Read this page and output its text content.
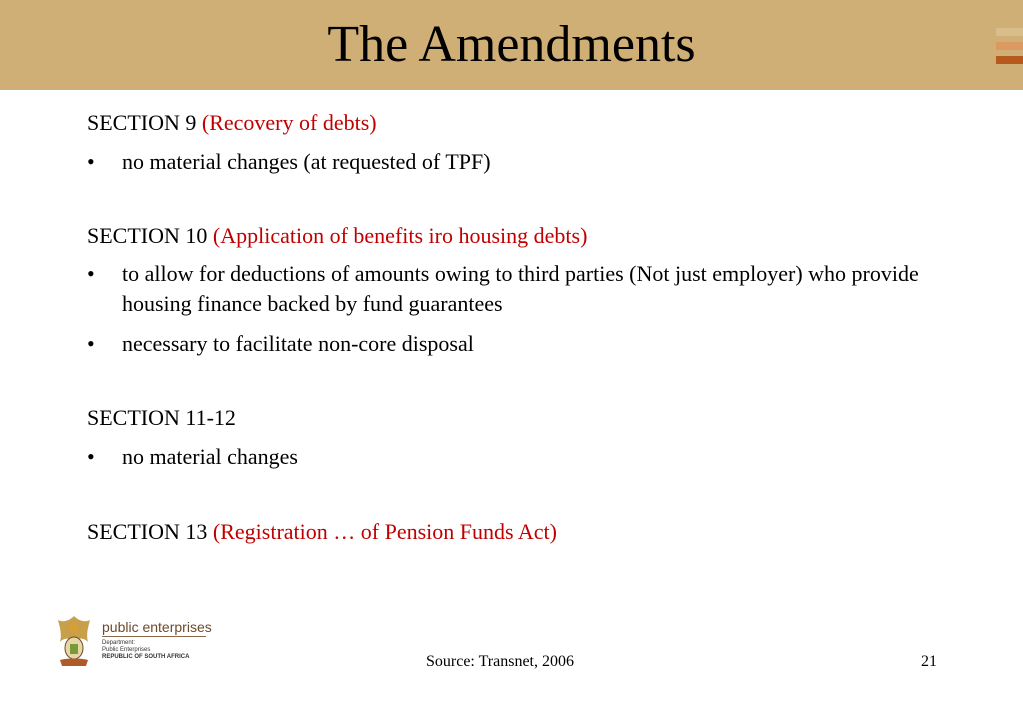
The Amendments
SECTION 9 (Recovery of debts)
•	no material changes (at requested of TPF)
SECTION 10 (Application of benefits iro housing debts)
•	to allow for deductions of amounts owing to third parties (Not just employer) who provide housing finance backed by fund guarantees
•	necessary to facilitate non-core disposal
SECTION 11-12
•	no material changes
SECTION 13 (Registration … of Pension Funds Act)
public enterprises
Department:
Public Enterprises
REPUBLIC OF SOUTH AFRICA	Source: Transnet, 2006	21
